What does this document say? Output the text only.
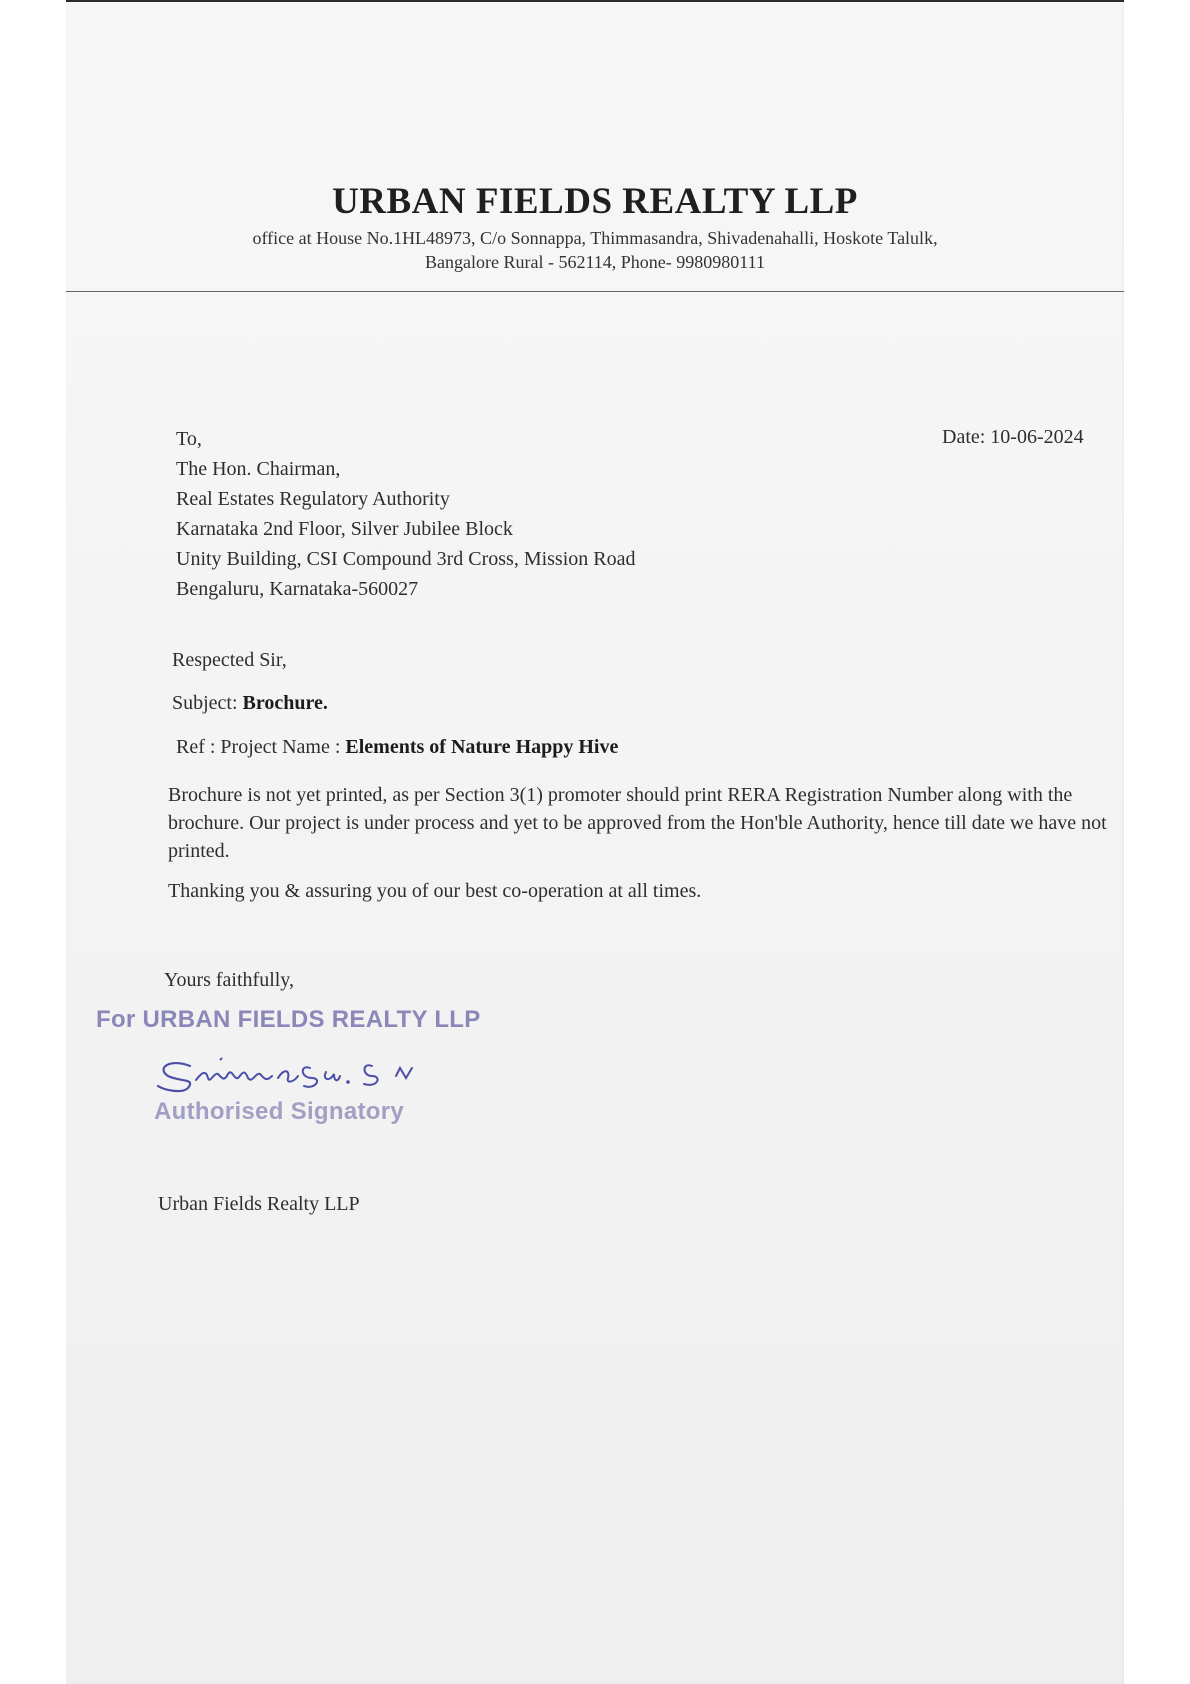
URBAN FIELDS REALTY LLP
office at House No.1HL48973, C/o Sonnappa, Thimmasandra, Shivadenahalli, Hoskote Talulk,
Bangalore Rural - 562114, Phone- 9980980111
Date: 10-06-2024
To,
The Hon. Chairman,
Real Estates Regulatory Authority
Karnataka 2nd Floor, Silver Jubilee Block
Unity Building, CSI Compound 3rd Cross, Mission Road
Bengaluru, Karnataka-560027
Respected Sir,
Subject: Brochure.
Ref : Project Name : Elements of Nature Happy Hive
Brochure is not yet printed, as per Section 3(1) promoter should print RERA Registration Number along with the brochure. Our project is under process and yet to be approved from the Hon'ble Authority, hence till date we have not printed.
Thanking you & assuring you of our best co-operation at all times.
Yours faithfully,
For URBAN FIELDS REALTY LLP
Authorised Signatory
Urban Fields Realty LLP
